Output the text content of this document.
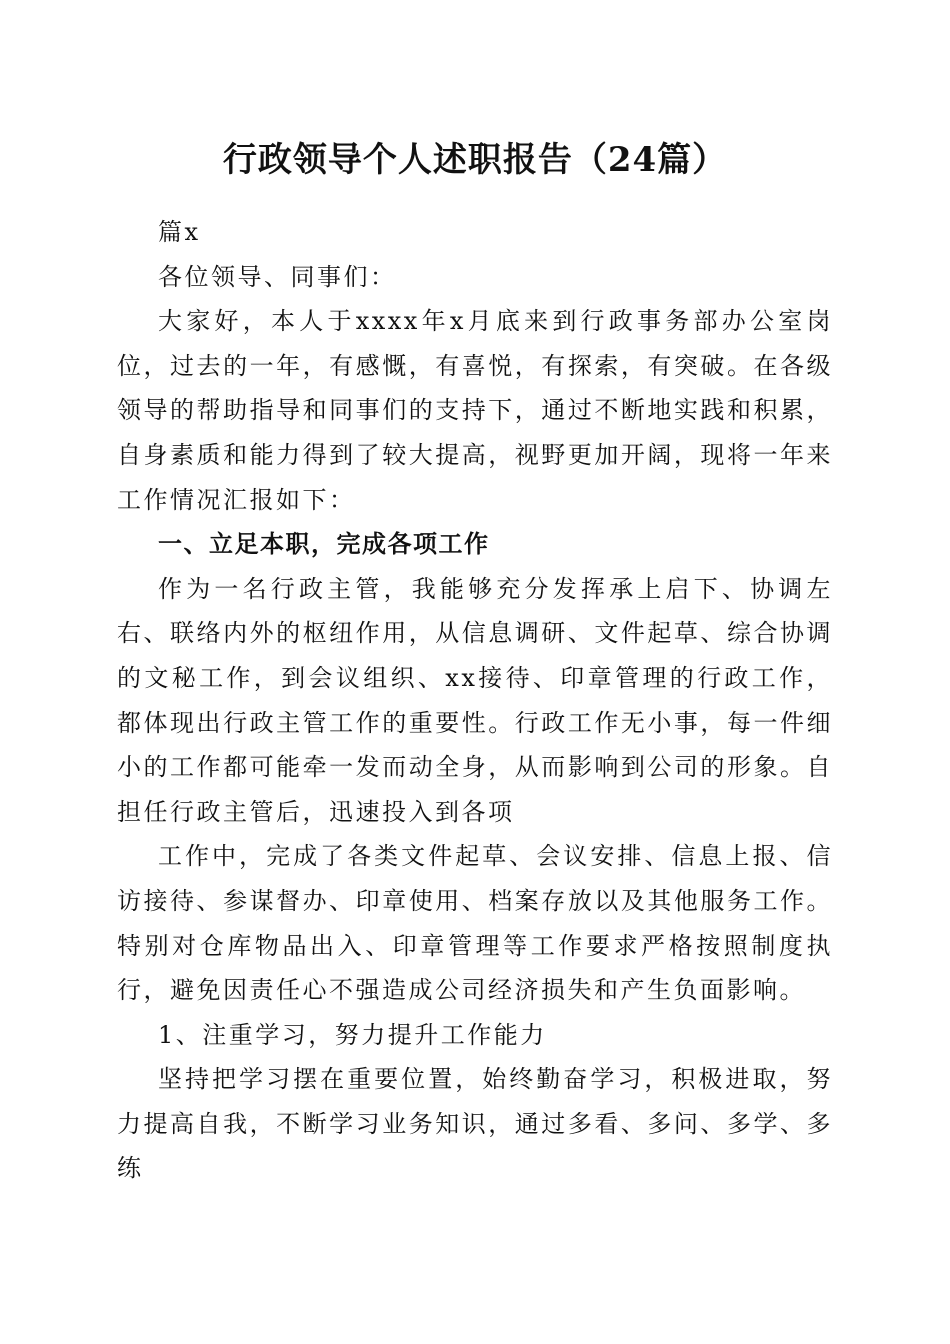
行政领导个人述职报告（24篇）

篇x

各位领导、同事们：

大家好，本人于xxxx年x月底来到行政事务部办公室岗位，过去的一年，有感慨，有喜悦，有探索，有突破。在各级领导的帮助指导和同事们的支持下，通过不断地实践和积累，自身素质和能力得到了较大提高，视野更加开阔，现将一年来工作情况汇报如下：

一、立足本职，完成各项工作

作为一名行政主管，我能够充分发挥承上启下、协调左右、联络内外的枢纽作用，从信息调研、文件起草、综合协调的文秘工作，到会议组织、xx接待、印章管理的行政工作，都体现出行政主管工作的重要性。行政工作无小事，每一件细小的工作都可能牵一发而动全身，从而影响到公司的形象。自担任行政主管后，迅速投入到各项

工作中，完成了各类文件起草、会议安排、信息上报、信访接待、参谋督办、印章使用、档案存放以及其他服务工作。特别对仓库物品出入、印章管理等工作要求严格按照制度执行，避免因责任心不强造成公司经济损失和产生负面影响。

1、注重学习，努力提升工作能力

坚持把学习摆在重要位置，始终勤奋学习，积极进取，努力提高自我，不断学习业务知识，通过多看、多问、多学、多练
